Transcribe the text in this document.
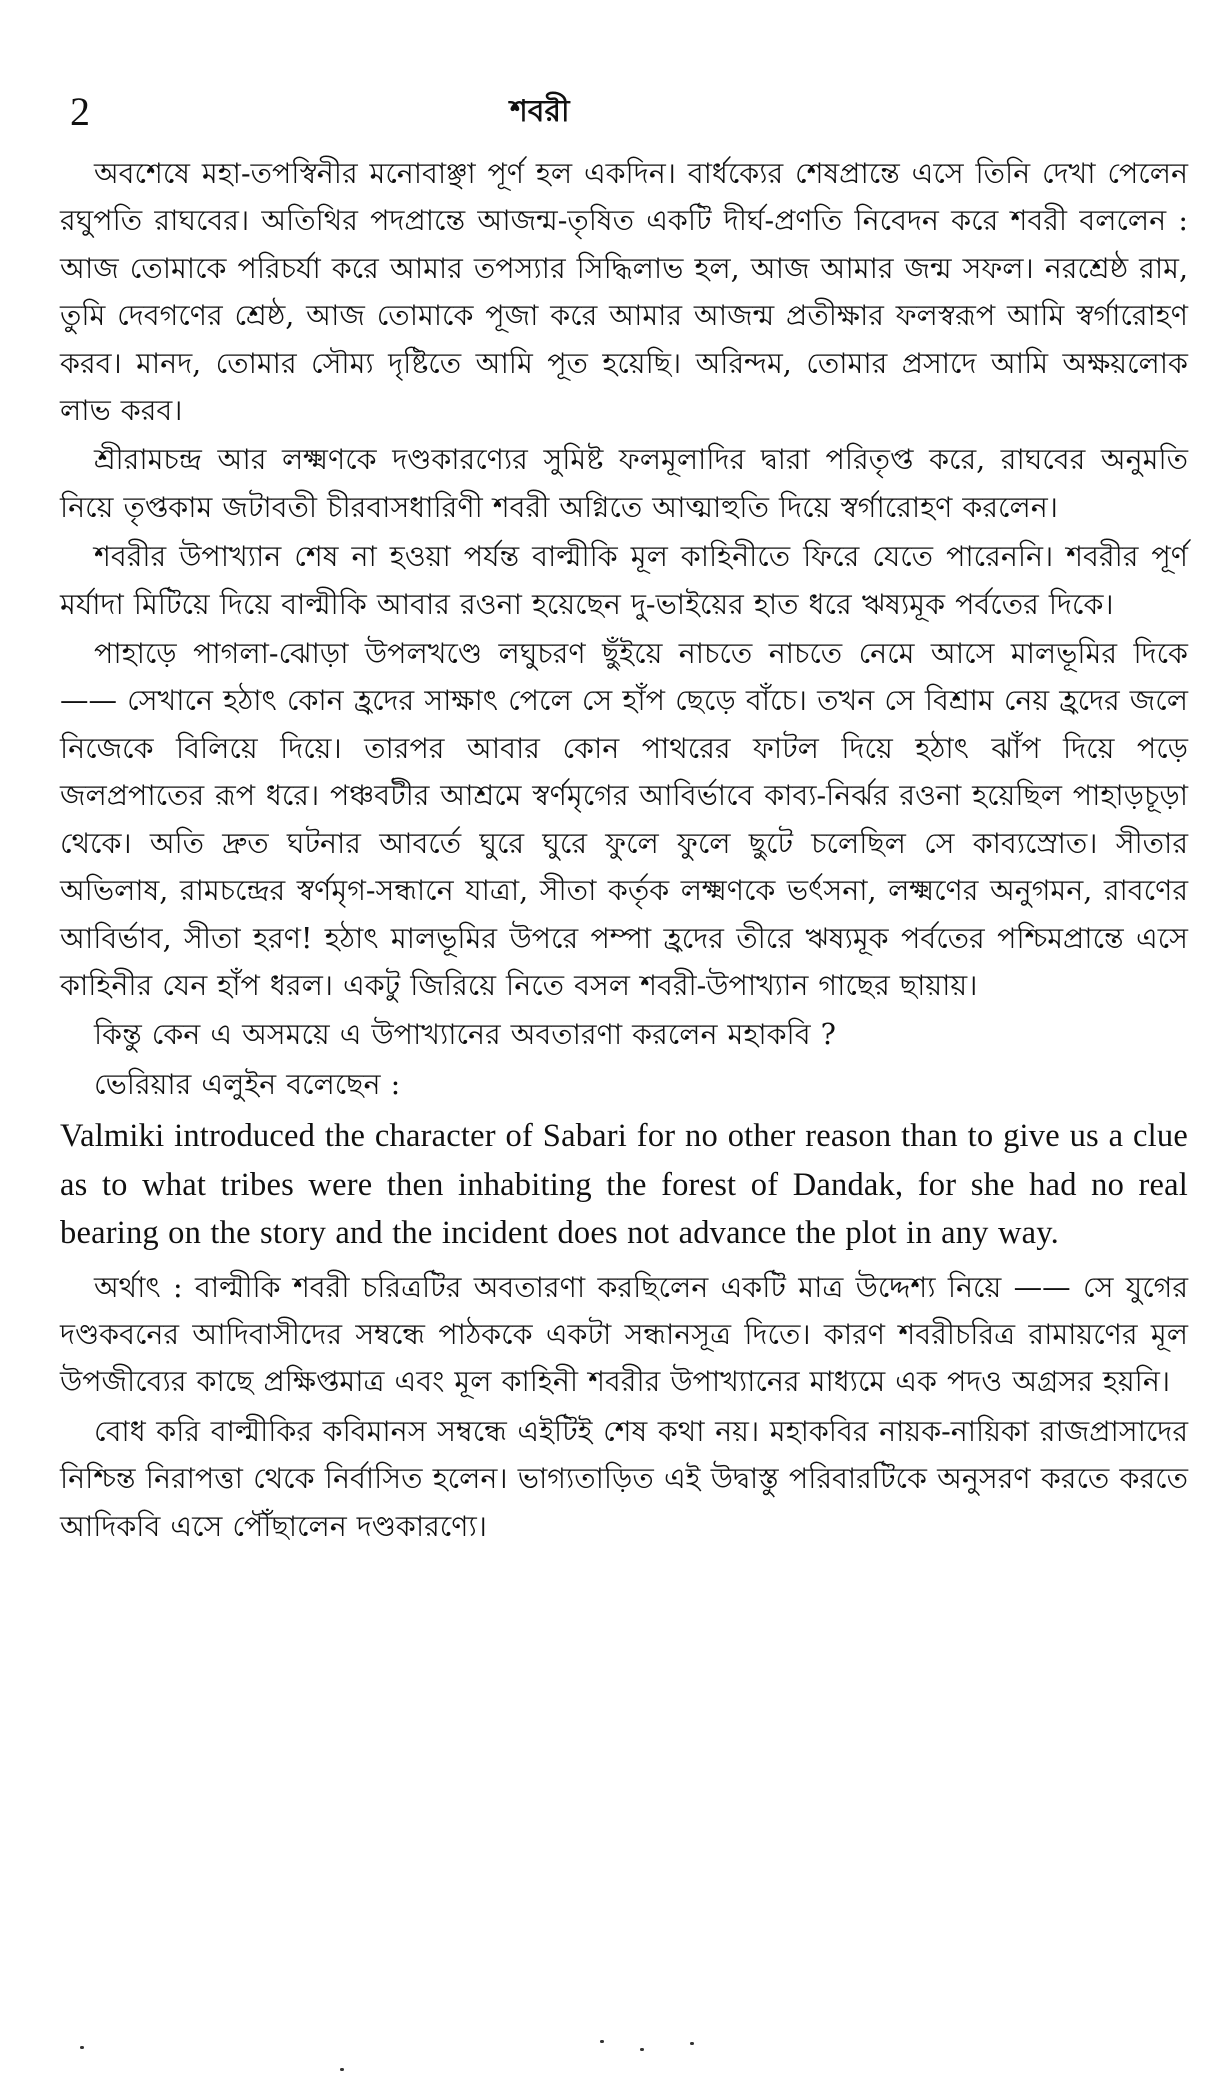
2	শবরী

অবশেষে মহা-তপস্বিনীর মনোবাঞ্ছা পূর্ণ হল একদিন। বার্ধক্যের শেষপ্রান্তে এসে তিনি দেখা পেলেন রঘুপতি রাঘবের। অতিথির পদপ্রান্তে আজন্ম-তৃষিত একটি দীর্ঘ-প্রণতি নিবেদন করে শবরী বললেন : আজ তোমাকে পরিচর্যা করে আমার তপস্যার সিদ্ধিলাভ হল, আজ আমার জন্ম সফল। নরশ্রেষ্ঠ রাম, তুমি দেবগণের শ্রেষ্ঠ, আজ তোমাকে পূজা করে আমার আজন্ম প্রতীক্ষার ফলস্বরূপ আমি স্বর্গারোহণ করব। মানদ, তোমার সৌম্য দৃষ্টিতে আমি পূত হয়েছি। অরিন্দম, তোমার প্রসাদে আমি অক্ষয়লোক লাভ করব।

শ্রীরামচন্দ্র আর লক্ষ্মণকে দণ্ডকারণ্যের সুমিষ্ট ফলমূলাদির দ্বারা পরিতৃপ্ত করে, রাঘবের অনুমতি নিয়ে তৃপ্তকাম জটাবতী চীরবাসধারিণী শবরী অগ্নিতে আত্মাহুতি দিয়ে স্বর্গারোহণ করলেন।

শবরীর উপাখ্যান শেষ না হওয়া পর্যন্ত বাল্মীকি মূল কাহিনীতে ফিরে যেতে পারেননি। শবরীর পূর্ণ মর্যাদা মিটিয়ে দিয়ে বাল্মীকি আবার রওনা হয়েছেন দু-ভাইয়ের হাত ধরে ঋষ্যমূক পর্বতের দিকে।

পাহাড়ে পাগলা-ঝোড়া উপলখণ্ডে লঘুচরণ ছুঁইয়ে নাচতে নাচতে নেমে আসে মালভূমির দিকে —— সেখানে হঠাৎ কোন হ্রদের সাক্ষাৎ পেলে সে হাঁপ ছেড়ে বাঁচে। তখন সে বিশ্রাম নেয় হ্রদের জলে নিজেকে বিলিয়ে দিয়ে। তারপর আবার কোন পাথরের ফাটল দিয়ে হঠাৎ ঝাঁপ দিয়ে পড়ে জলপ্রপাতের রূপ ধরে। পঞ্চবটীর আশ্রমে স্বর্ণমৃগের আবির্ভাবে কাব্য-নির্ঝর রওনা হয়েছিল পাহাড়চূড়া থেকে। অতি দ্রুত ঘটনার আবর্তে ঘুরে ঘুরে ফুলে ফুলে ছুটে চলেছিল সে কাব্যস্রোত। সীতার অভিলাষ, রামচন্দ্রের স্বর্ণমৃগ-সন্ধানে যাত্রা, সীতা কর্তৃক লক্ষ্মণকে ভর্ৎসনা, লক্ষ্মণের অনুগমন, রাবণের আবির্ভাব, সীতা হরণ! হঠাৎ মালভূমির উপরে পম্পা হ্রদের তীরে ঋষ্যমূক পর্বতের পশ্চিমপ্রান্তে এসে কাহিনীর যেন হাঁপ ধরল। একটু জিরিয়ে নিতে বসল শবরী-উপাখ্যান গাছের ছায়ায়।

কিন্তু কেন এ অসময়ে এ উপাখ্যানের অবতারণা করলেন মহাকবি ?

ভেরিয়ার এলুইন বলেছেন :

Valmiki introduced the character of Sabari for no other reason than to give us a clue as to what tribes were then inhabiting the forest of Dandak, for she had no real bearing on the story and the incident does not advance the plot in any way.

অর্থাৎ : বাল্মীকি শবরী চরিত্রটির অবতারণা করছিলেন একটি মাত্র উদ্দেশ্য নিয়ে —— সে যুগের দণ্ডকবনের আদিবাসীদের সম্বন্ধে পাঠককে একটা সন্ধানসূত্র দিতে। কারণ শবরীচরিত্র রামায়ণের মূল উপজীব্যের কাছে প্রক্ষিপ্তমাত্র এবং মূল কাহিনী শবরীর উপাখ্যানের মাধ্যমে এক পদও অগ্রসর হয়নি।

বোধ করি বাল্মীকির কবিমানস সম্বন্ধে এইটিই শেষ কথা নয়। মহাকবির নায়ক-নায়িকা রাজপ্রাসাদের নিশ্চিন্ত নিরাপত্তা থেকে নির্বাসিত হলেন। ভাগ্যতাড়িত এই উদ্বাস্তু পরিবারটিকে অনুসরণ করতে করতে আদিকবি এসে পৌঁছালেন দণ্ডকারণ্যে।
